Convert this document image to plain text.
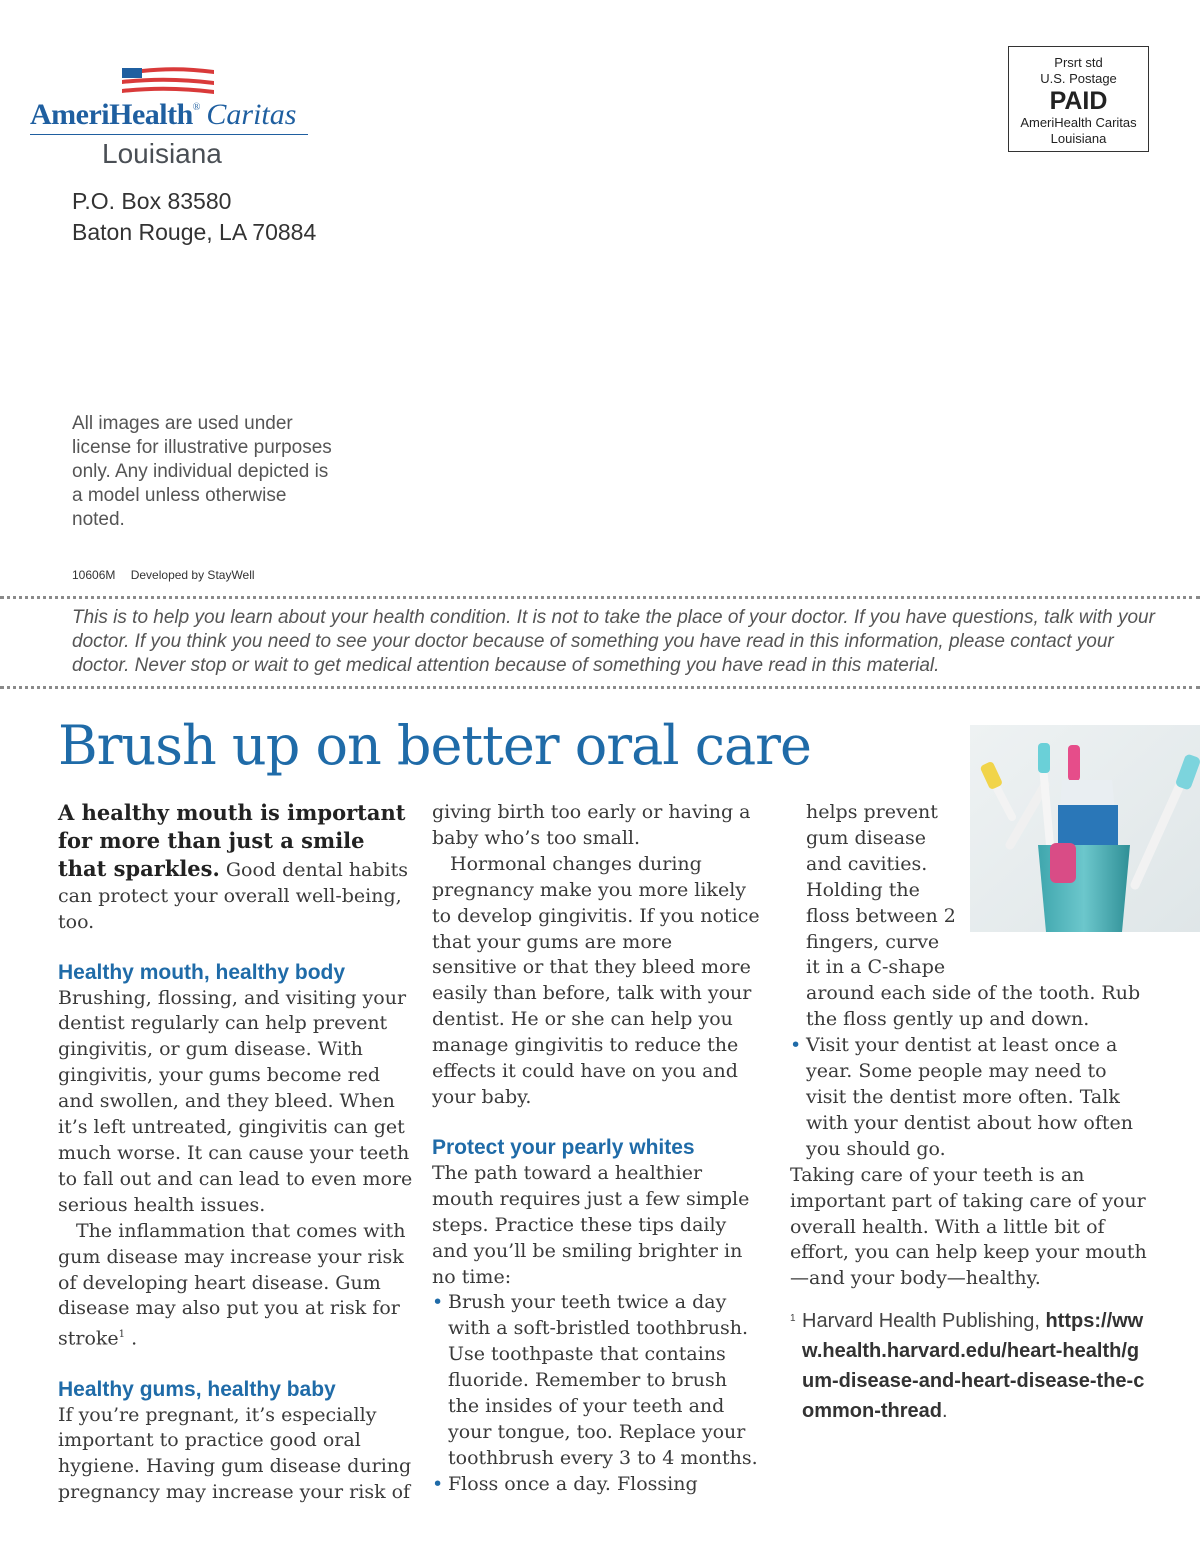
AmeriHealth® Caritas
Louisiana
P.O. Box 83580
Baton Rouge, LA 70884
Prsrt std
U.S. Postage
PAID
AmeriHealth Caritas
Louisiana
All images are used under license for illustrative purposes only. Any individual depicted is a model unless otherwise noted.
10606M Developed by StayWell
This is to help you learn about your health condition. It is not to take the place of your doctor. If you have questions, talk with your doctor. If you think you need to see your doctor because of something you have read in this information, please contact your doctor. Never stop or wait to get medical attention because of something you have read in this material.
Brush up on better oral care

A healthy mouth is important for more than just a smile that sparkles. Good dental habits can protect your overall well-being, too.

Healthy mouth, healthy body

Brushing, flossing, and visiting your dentist regularly can help prevent gingivitis, or gum disease. With gingivitis, your gums become red and swollen, and they bleed. When it’s left untreated, gingivitis can get much worse. It can cause your teeth to fall out and can lead to even more serious health issues.

The inflammation that comes with gum disease may increase your risk of developing heart disease. Gum disease may also put you at risk for stroke$^1$ .

Healthy gums, healthy baby

If you’re pregnant, it’s especially important to practice good oral hygiene. Having gum disease during pregnancy may increase your risk of

giving birth too early or having a baby who’s too small.

Hormonal changes during pregnancy make you more likely to develop gingivitis. If you notice that your gums are more sensitive or that they bleed more easily than before, talk with your dentist. He or she can help you manage gingivitis to reduce the effects it could have on you and your baby.

Protect your pearly whites

The path toward a healthier mouth requires just a few simple steps. Practice these tips daily and you’ll be smiling brighter in no time:

• Brush your teeth twice a day with a soft-bristled toothbrush. Use toothpaste that contains fluoride. Remember to brush the insides of your teeth and your tongue, too. Replace your toothbrush every 3 to 4 months.
• Floss once a day. Flossing

helps prevent gum disease and cavities. Holding the floss between 2 fingers, curve it in a C-shape

around each side of the tooth. Rub the floss gently up and down.

• Visit your dentist at least once a year. Some people may need to visit the dentist more often. Talk with your dentist about how often you should go.

Taking care of your teeth is an important part of taking care of your overall health. With a little bit of effort, you can help keep your mouth—and your body—healthy.

1 Harvard Health Publishing, https://www.health.harvard.edu/heart-health/gum-disease-and-heart-disease-the-common-thread.
